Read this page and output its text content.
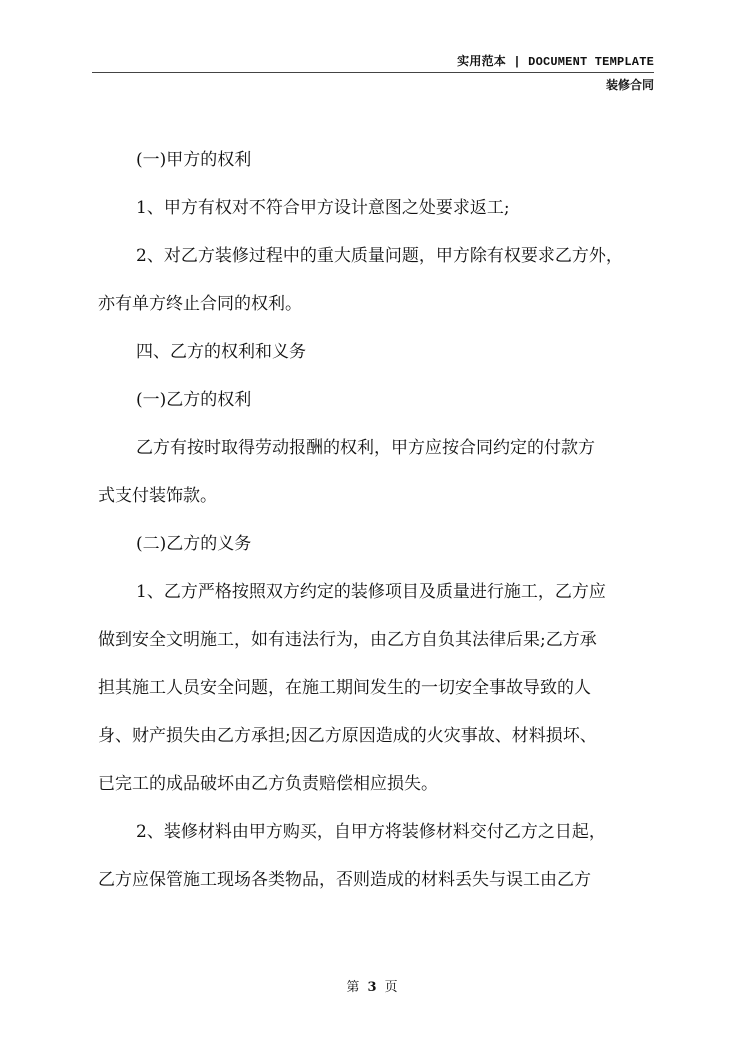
实用范本 | DOCUMENT TEMPLATE
装修合同
(一)甲方的权利
1、甲方有权对不符合甲方设计意图之处要求返工;
2、对乙方装修过程中的重大质量问题，甲方除有权要求乙方外，
亦有单方终止合同的权利。
四、乙方的权利和义务
(一)乙方的权利
乙方有按时取得劳动报酬的权利，甲方应按合同约定的付款方
式支付装饰款。
(二)乙方的义务
1、乙方严格按照双方约定的装修项目及质量进行施工，乙方应
做到安全文明施工，如有违法行为，由乙方自负其法律后果;乙方承
担其施工人员安全问题，在施工期间发生的一切安全事故导致的人
身、财产损失由乙方承担;因乙方原因造成的火灾事故、材料损坏、
已完工的成品破坏由乙方负责赔偿相应损失。
2、装修材料由甲方购买，自甲方将装修材料交付乙方之日起，
乙方应保管施工现场各类物品，否则造成的材料丢失与误工由乙方
第 3 页
